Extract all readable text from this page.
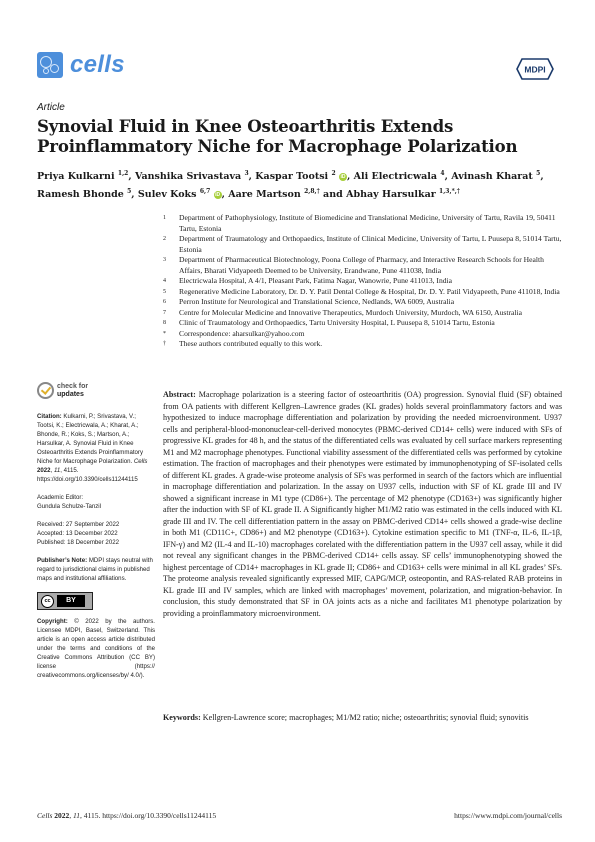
cells	MDPI
Article
Synovial Fluid in Knee Osteoarthritis Extends Proinflammatory Niche for Macrophage Polarization
Priya Kulkarni $^{1,2}$, Vanshika Srivastava $^3$, Kaspar Tootsi $^2$ iD , Ali Electricwala $^4$, Avinash Kharat $^5$, Ramesh Bhonde $^5$, Sulev Koks $^{6,7}$ iD , Aare Martson $^{2,8,\dagger}$ and Abhay Harsulkar $^{1,3,*,\dagger}$
1	Department of Pathophysiology, Institute of Biomedicine and Translational Medicine, University of Tartu, Ravila 19, 50411 Tartu, Estonia
2	Department of Traumatology and Orthopaedics, Institute of Clinical Medicine, University of Tartu, L Puusepa 8, 51014 Tartu, Estonia
3	Department of Pharmaceutical Biotechnology, Poona College of Pharmacy, and Interactive Research Schools for Health Affairs, Bharati Vidyapeeth Deemed to be University, Erandwane, Pune 411038, India
4	Electricwala Hospital, A 4/1, Pleasant Park, Fatima Nagar, Wanowrie, Pune 411013, India
5	Regenerative Medicine Laboratory, Dr. D. Y. Patil Dental College & Hospital, Dr. D. Y. Patil Vidyapeeth, Pune 411018, India
6	Perron Institute for Neurological and Translational Science, Nedlands, WA 6009, Australia
7	Centre for Molecular Medicine and Innovative Therapeutics, Murdoch University, Murdoch, WA 6150, Australia
8	Clinic of Traumatology and Orthopaedics, Tartu University Hospital, L Puusepa 8, 51014 Tartu, Estonia
*	Correspondence: aharsulkar@yahoo.com
†	These authors contributed equally to this work.
check for
updates

Citation: Kulkarni, P.; Srivastava, V.; Tootsi, K.; Electricwala, A.; Kharat, A.; Bhonde, R.; Koks, S.; Martson, A.; Harsulkar, A. Synovial Fluid in Knee Osteoarthritis Extends Proinflammatory Niche for Macrophage Polarization. Cells 2022, 11, 4115. https://doi.org/10.3390/cells11244115

Academic Editor:
Gundula Schulze-Tanzil

Received: 27 September 2022
Accepted: 13 December 2022
Published: 18 December 2022

Publisher’s Note: MDPI stays neutral with regard to jurisdictional claims in published maps and institutional affiliations.

cc	BY

Copyright: © 2022 by the authors. Licensee MDPI, Basel, Switzerland. This article is an open access article distributed under the terms and conditions of the Creative Commons Attribution (CC BY) license (https:// creativecommons.org/licenses/by/ 4.0/).

Abstract: Macrophage polarization is a steering factor of osteoarthritis (OA) progression. Synovial fluid (SF) obtained from OA patients with different Kellgren–Lawrence grades (KL grades) holds several proinflammatory factors and was hypothesized to induce macrophage differentiation and polarization by providing the needed microenvironment. U937 cells and peripheral-blood-mononuclear-cell-derived monocytes (PBMC-derived CD14+ cells) were induced with SFs of progressive KL grades for 48 h, and the status of the differentiated cells was evaluated by cell surface markers representing M1 and M2 macrophage phenotypes. Functional viability assessment of the differentiated cells was performed by cytokine estimation. The fraction of macrophages and their phenotypes were estimated by immunophenotyping of SF-isolated cells of different KL grades. A grade-wise proteome analysis of SFs was performed in search of the factors which are influential in macrophage differentiation and polarization. In the assay on U937 cells, induction with SF of KL grade III and IV showed a significant increase in M1 type (CD86+). The percentage of M2 phenotype (CD163+) was significantly higher after the induction with SF of KL grade II. A Significantly higher M1/M2 ratio was estimated in the cells induced with KL grade III and IV. The cell differentiation pattern in the assay on PBMC-derived CD14+ cells showed a grade-wise decline in both M1 (CD11C+, CD86+) and M2 phenotype (CD163+). Cytokine estimation specific to M1 (TNF-α, IL-6, IL-1β, IFN-γ) and M2 (IL-4 and IL-10) macrophages corelated with the differentiation pattern in the U937 cell assay, while it did not reveal any significant changes in the PBMC-derived CD14+ cells assay. SF cells’ immunophenotyping showed the highest percentage of CD14+ macrophages in KL grade II; CD86+ and CD163+ cells were minimal in all KL grades’ SFs. The proteome analysis revealed significantly expressed MIF, CAPG/MCP, osteopontin, and RAS-related RAB proteins in KL grade III and IV samples, which are linked with macrophages’ movement, polarization, and migration-behavior. In conclusion, this study demonstrated that SF in OA joints acts as a niche and facilitates M1 phenotype polarization by providing a proinflammatory microenvironment.
Keywords: Kellgren-Lawrence score; macrophages; M1/M2 ratio; niche; osteoarthritis; synovial fluid; synovitis
Cells 2022, 11, 4115. https://doi.org/10.3390/cells11244115	https://www.mdpi.com/journal/cells
